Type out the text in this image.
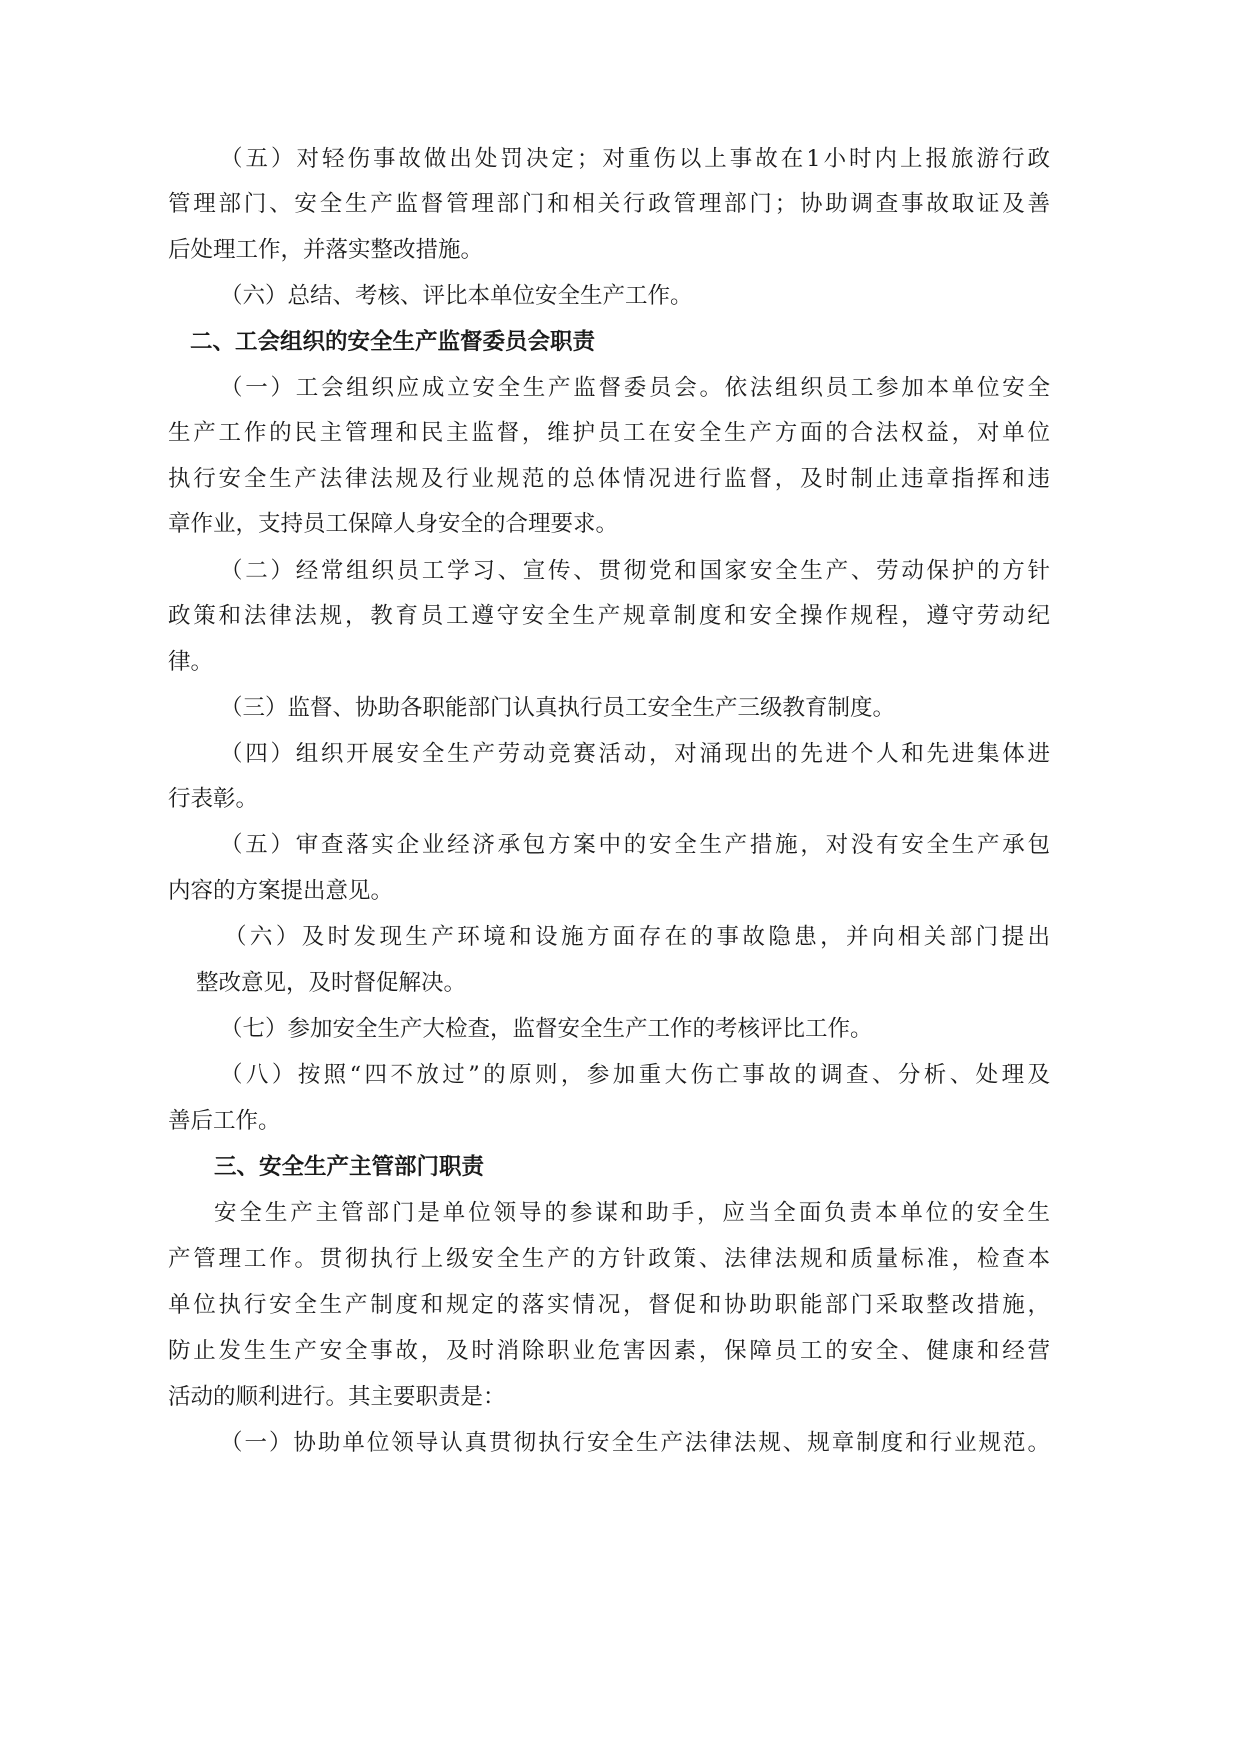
（五）对轻伤事故做出处罚决定；对重伤以上事故在1小时内上报旅游行政
管理部门、安全生产监督管理部门和相关行政管理部门；协助调查事故取证及善
后处理工作，并落实整改措施。
（六）总结、考核、评比本单位安全生产工作。
二、工会组织的安全生产监督委员会职责
（一）工会组织应成立安全生产监督委员会。依法组织员工参加本单位安全
生产工作的民主管理和民主监督，维护员工在安全生产方面的合法权益，对单位
执行安全生产法律法规及行业规范的总体情况进行监督，及时制止违章指挥和违
章作业，支持员工保障人身安全的合理要求。
（二）经常组织员工学习、宣传、贯彻党和国家安全生产、劳动保护的方针
政策和法律法规，教育员工遵守安全生产规章制度和安全操作规程，遵守劳动纪
律。
（三）监督、协助各职能部门认真执行员工安全生产三级教育制度。
（四）组织开展安全生产劳动竞赛活动，对涌现出的先进个人和先进集体进
行表彰。
（五）审查落实企业经济承包方案中的安全生产措施，对没有安全生产承包
内容的方案提出意见。
（六）及时发现生产环境和设施方面存在的事故隐患，并向相关部门提出
整改意见，及时督促解决。
（七）参加安全生产大检查，监督安全生产工作的考核评比工作。
（八）按照“四不放过”的原则，参加重大伤亡事故的调查、分析、处理及
善后工作。
三、安全生产主管部门职责
安全生产主管部门是单位领导的参谋和助手，应当全面负责本单位的安全生
产管理工作。贯彻执行上级安全生产的方针政策、法律法规和质量标准，检查本
单位执行安全生产制度和规定的落实情况，督促和协助职能部门采取整改措施，
防止发生生产安全事故，及时消除职业危害因素，保障员工的安全、健康和经营
活动的顺利进行。其主要职责是：
（一）协助单位领导认真贯彻执行安全生产法律法规、规章制度和行业规范。
